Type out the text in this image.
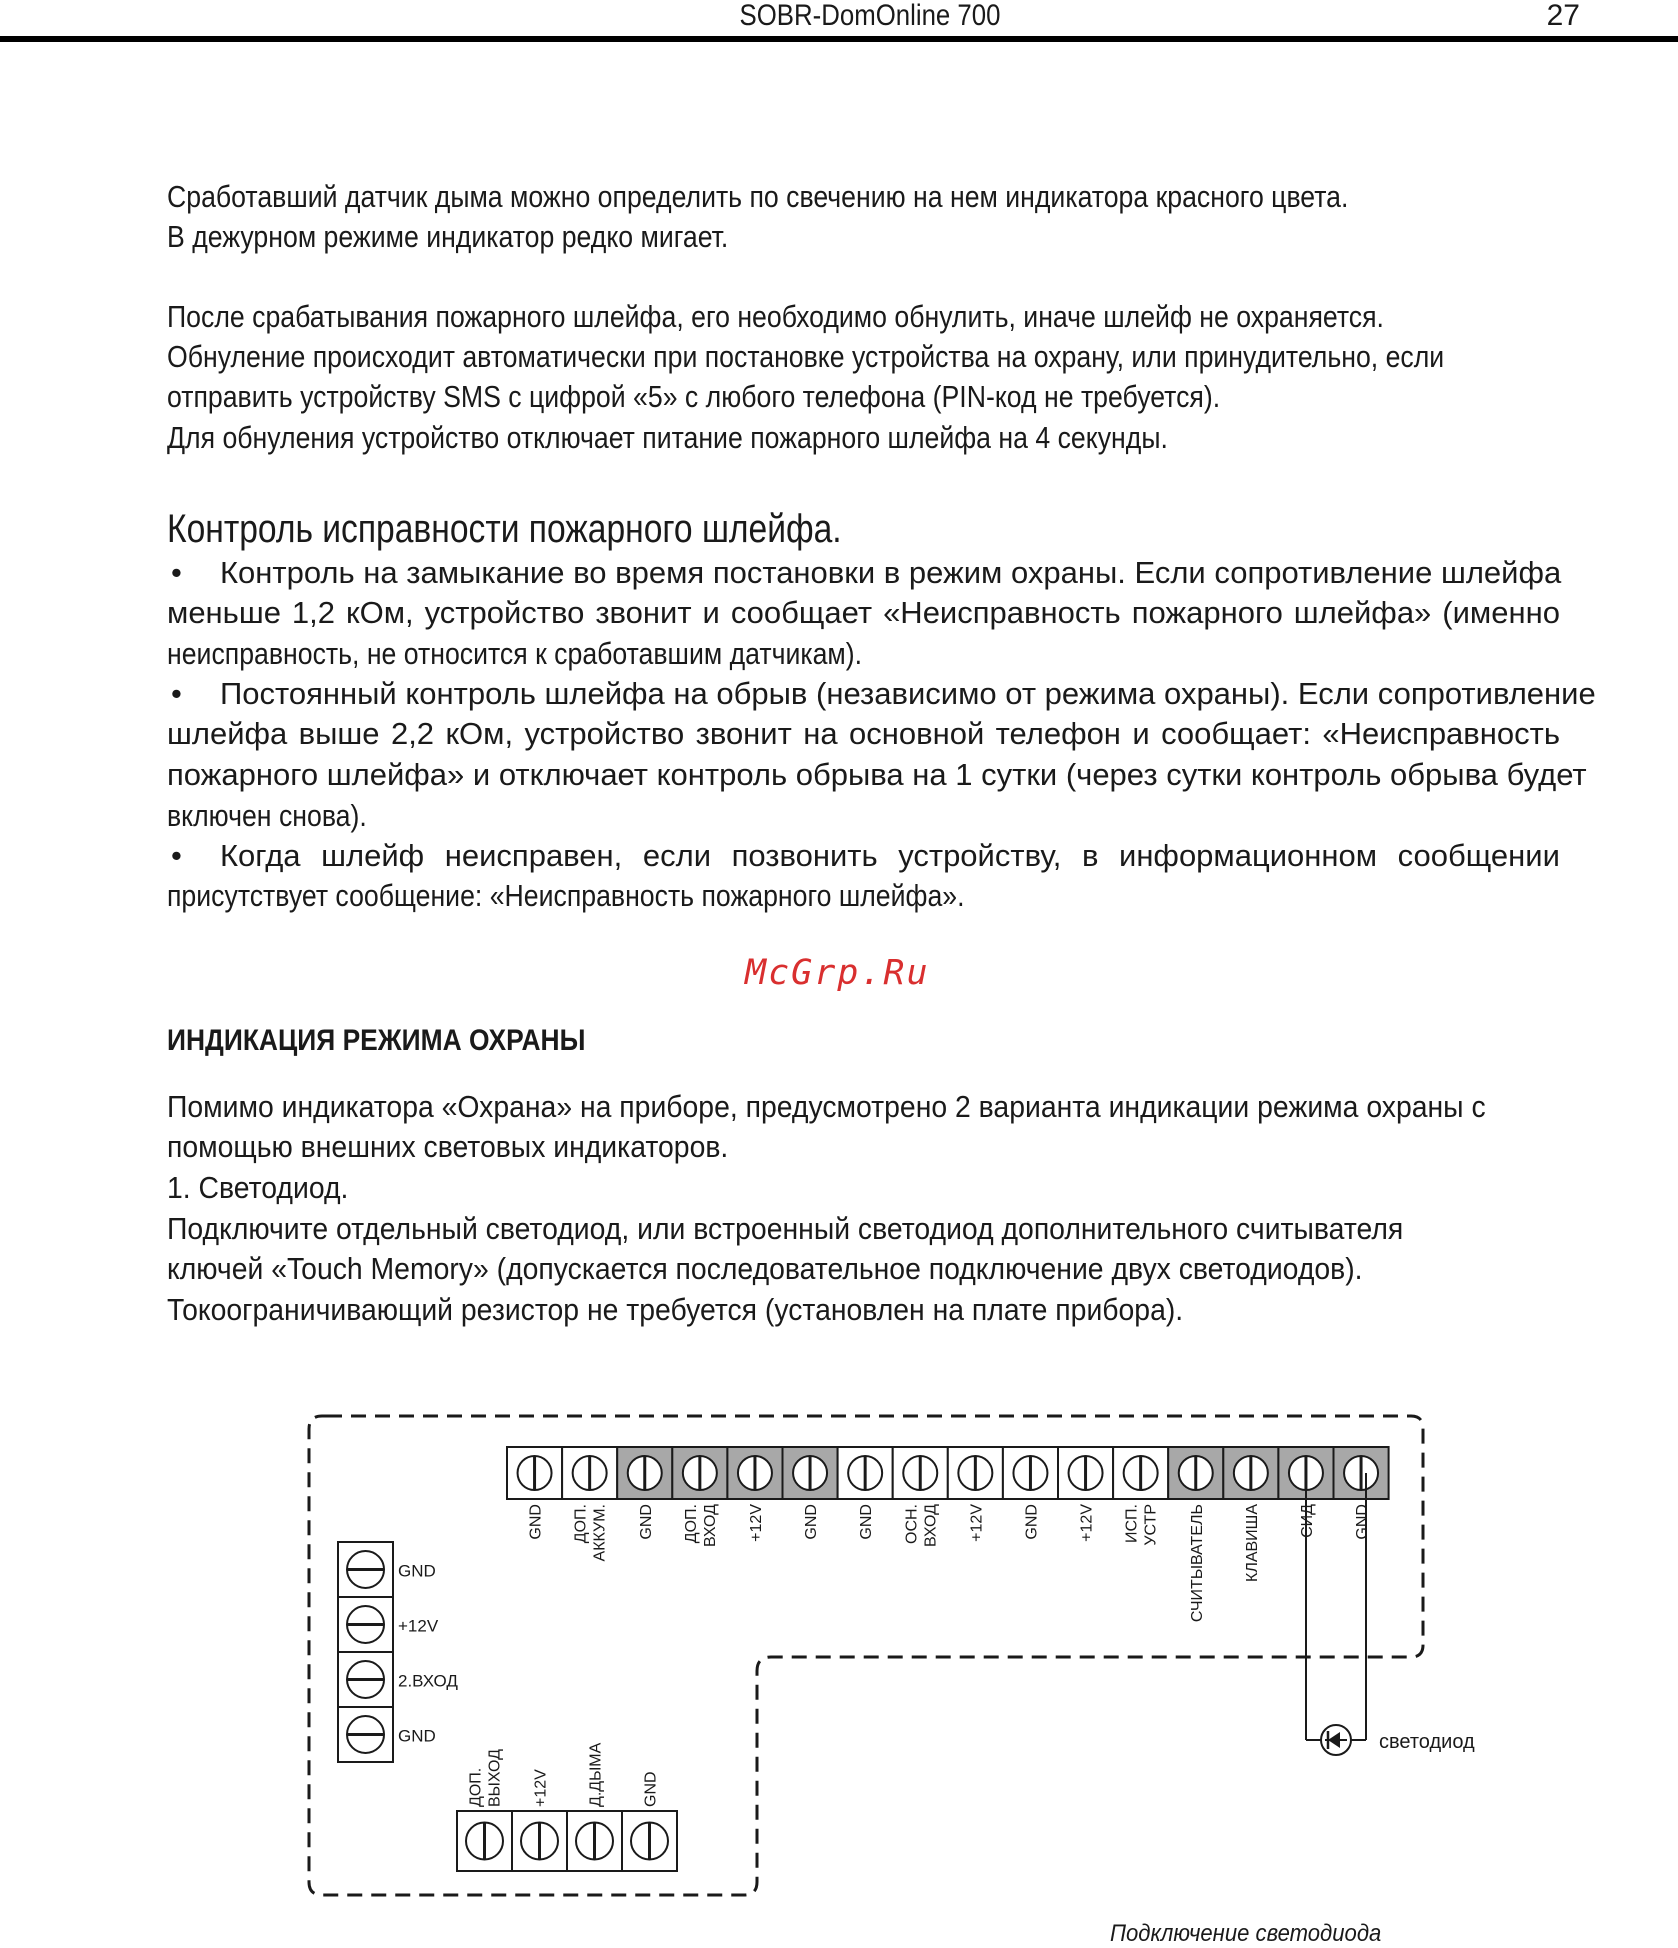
SOBR-DomOnline 700	27
Сработавший датчик дыма можно определить по свечению на нем индикатора красного цвета.
В дежурном режиме индикатор редко мигает.
После срабатывания пожарного шлейфа, его необходимо обнулить, иначе шлейф не охраняется.
Обнуление происходит автоматически при постановке устройства на охрану, или принудительно, если
отправить устройству SMS с цифрой «5» с любого телефона (PIN-код не требуется).
Для обнуления устройство отключает питание пожарного шлейфа на 4 секунды.
Контроль исправности пожарного шлейфа.
• Контроль на замыкание во время постановки в режим охраны. Если сопротивление шлейфа
меньше 1,2 кОм, устройство звонит и сообщает «Неисправность пожарного шлейфа» (именно
неисправность, не относится к сработавшим датчикам).
• Постоянный контроль шлейфа на обрыв (независимо от режима охраны). Если сопротивление
шлейфа выше 2,2 кОм, устройство звонит на основной телефон и сообщает: «Неисправность
пожарного шлейфа» и отключает контроль обрыва на 1 сутки (через сутки контроль обрыва будет
включен снова).
• Когда шлейф неисправен, если позвонить устройству, в информационном сообщении
присутствует сообщение: «Неисправность пожарного шлейфа».
McGrp.Ru
ИНДИКАЦИЯ РЕЖИМА ОХРАНЫ
Помимо индикатора «Охрана» на приборе, предусмотрено 2 варианта индикации режима охраны с
помощью внешних световых индикаторов.
1. Светодиод.
Подключите отдельный светодиод, или встроенный светодиод дополнительного считывателя
ключей «Touch Memory» (допускается последовательное подключение двух светодиодов).
Токоограничивающий резистор не требуется (установлен на плате прибора).
GND ДОП. АККУМ. GND ДОП. ВХОД +12V GND GND ОСН. ВХОД +12V GND +12V ИСП. УСТР СЧИТЫВАТЕЛЬ КЛАВИША СИД GND
GND
+12V
2.ВХОД
GND
ДОП. ВЫХОД +12V Д.ДЫМА GND
светодиод
Подключение светодиода
